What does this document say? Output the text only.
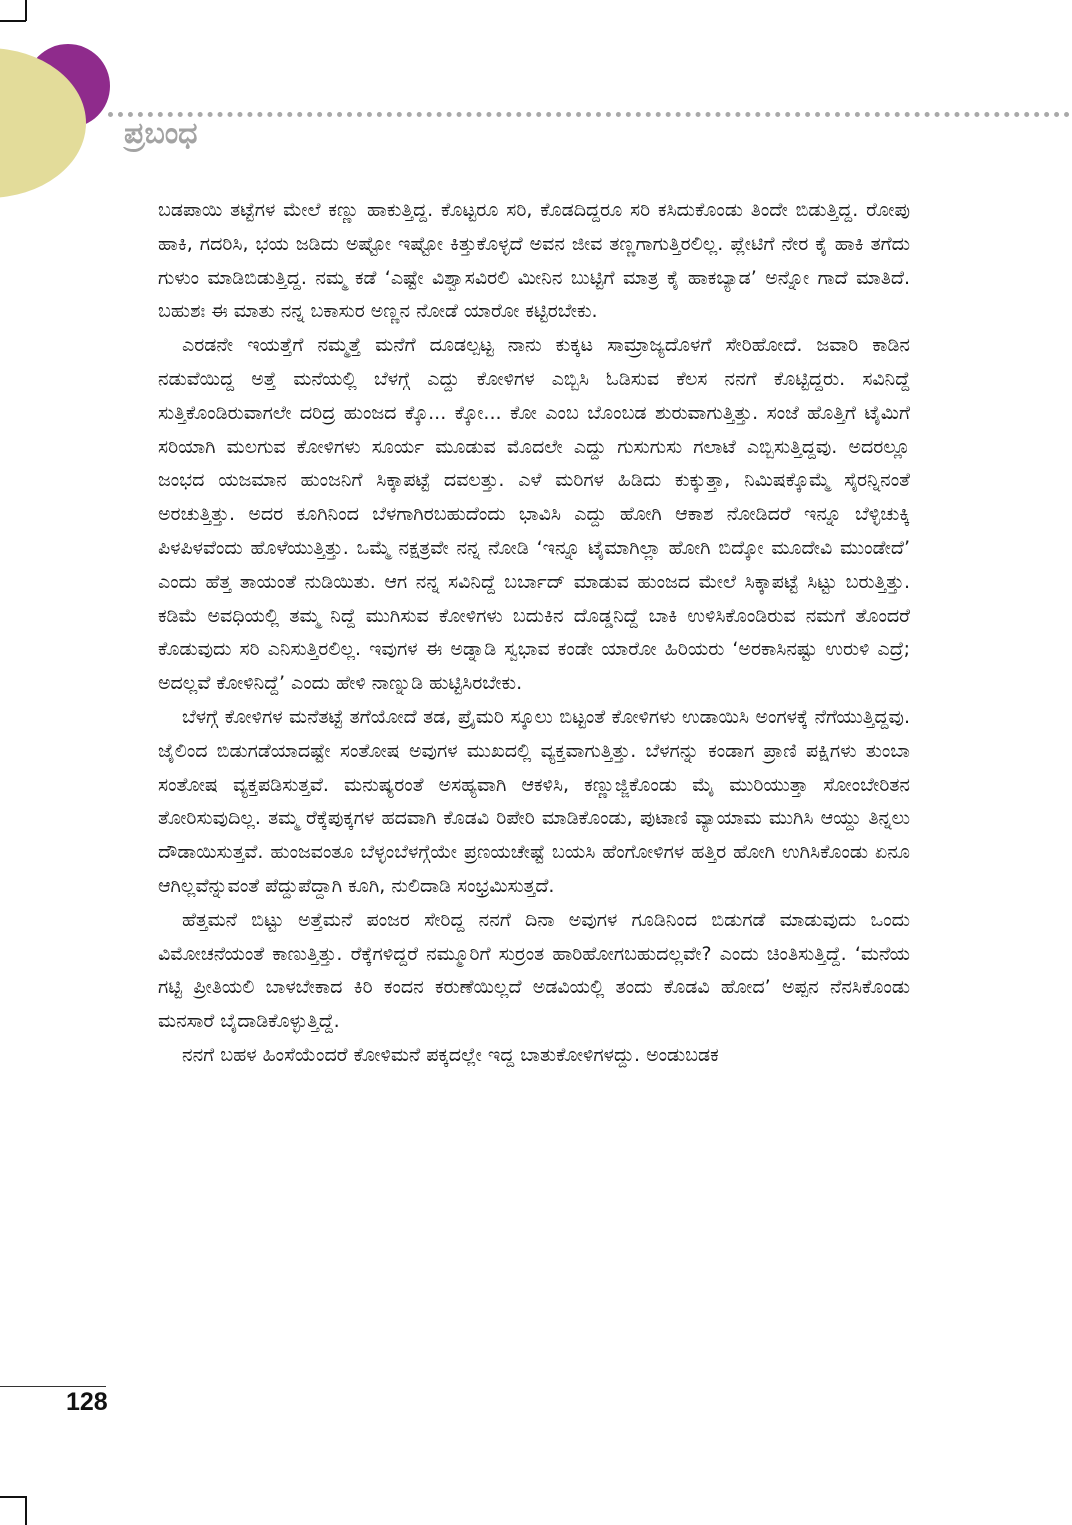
ಪ್ರಬಂಧ

ಬಡಪಾಯಿ ತಟ್ಟೆಗಳ ಮೇಲೆ ಕಣ್ಣು ಹಾಕುತ್ತಿದ್ದ. ಕೊಟ್ಟರೂ ಸರಿ, ಕೊಡದಿದ್ದರೂ ಸರಿ ಕಸಿದುಕೊಂಡು ತಿಂದೇ ಬಿಡುತ್ತಿದ್ದ. ರೋಪು ಹಾಕಿ, ಗದರಿಸಿ, ಭಯ ಜಡಿದು ಅಷ್ಟೋ ಇಷ್ಟೋ ಕಿತ್ತುಕೊಳ್ಳದೆ ಅವನ ಜೀವ ತಣ್ಣಗಾಗುತ್ತಿರಲಿಲ್ಲ. ಪ್ಲೇಟಿಗೆ ನೇರ ಕೈ ಹಾಕಿ ತಗೆದು ಗುಳುಂ ಮಾಡಿಬಿಡುತ್ತಿದ್ದ. ನಮ್ಮ ಕಡೆ ‘ಎಷ್ಟೇ ವಿಶ್ವಾಸವಿರಲಿ ಮೀನಿನ ಬುಟ್ಟಿಗೆ ಮಾತ್ರ ಕೈ ಹಾಕಬ್ಯಾಡ’ ಅನ್ನೋ ಗಾದೆ ಮಾತಿದೆ. ಬಹುಶಃ ಈ ಮಾತು ನನ್ನ ಬಕಾಸುರ ಅಣ್ಣನ ನೋಡೆ ಯಾರೋ ಕಟ್ಟಿರಬೇಕು.

ಎರಡನೇ ಇಯತ್ತೆಗೆ ನಮ್ಮತ್ತೆ ಮನೆಗೆ ದೂಡಲ್ಪಟ್ಟ ನಾನು ಕುಕ್ಕಟ ಸಾಮ್ರಾಜ್ಯದೊಳಗೆ ಸೇರಿಹೋದೆ. ಜವಾರಿ ಕಾಡಿನ ನಡುವೆಯಿದ್ದ ಅತ್ತೆ ಮನೆಯಲ್ಲಿ ಬೆಳಗ್ಗೆ ಎದ್ದು ಕೋಳಿಗಳ ಎಬ್ಬಿಸಿ ಓಡಿಸುವ ಕೆಲಸ ನನಗೆ ಕೊಟ್ಟಿದ್ದರು. ಸವಿನಿದ್ದೆ ಸುತ್ತಿಕೊಂಡಿರುವಾಗಲೇ ದರಿದ್ರ ಹುಂಜದ ಕ್ಕೊ... ಕ್ಕೋ... ಕೋ ಎಂಬ ಬೊಂಬಡ ಶುರುವಾಗುತ್ತಿತ್ತು. ಸಂಜೆ ಹೊತ್ತಿಗೆ ಟೈಮಿಗೆ ಸರಿಯಾಗಿ ಮಲಗುವ ಕೋಳಿಗಳು ಸೂರ್ಯ ಮೂಡುವ ಮೊದಲೇ ಎದ್ದು ಗುಸುಗುಸು ಗಲಾಟೆ ಎಬ್ಬಿಸುತ್ತಿದ್ದವು. ಅದರಲ್ಲೂ ಜಂಭದ ಯಜಮಾನ ಹುಂಜನಿಗೆ ಸಿಕ್ಕಾಪಟ್ಟೆ ದವಲತ್ತು. ಎಳೆ ಮರಿಗಳ ಹಿಡಿದು ಕುಕ್ಕುತ್ತಾ, ನಿಮಿಷಕ್ಕೊಮ್ಮೆ ಸೈರನ್ನಿನಂತೆ ಅರಚುತ್ತಿತ್ತು. ಅದರ ಕೂಗಿನಿಂದ ಬೆಳಗಾಗಿರಬಹುದೆಂದು ಭಾವಿಸಿ ಎದ್ದು ಹೋಗಿ ಆಕಾಶ ನೋಡಿದರೆ ಇನ್ನೂ ಬೆಳ್ಳಿಚುಕ್ಕಿ ಪಿಳಪಿಳವೆಂದು ಹೊಳೆಯುತ್ತಿತ್ತು. ಒಮ್ಮೆ ನಕ್ಷತ್ರವೇ ನನ್ನ ನೋಡಿ ‘ಇನ್ನೂ ಟೈಮಾಗಿಲ್ಲಾ ಹೋಗಿ ಬಿದ್ಕೋ ಮೂದೇವಿ ಮುಂಡೇದೆ’ ಎಂದು ಹೆತ್ತ ತಾಯಂತೆ ನುಡಿಯಿತು. ಆಗ ನನ್ನ ಸವಿನಿದ್ದೆ ಬರ್ಬಾದ್ ಮಾಡುವ ಹುಂಜದ ಮೇಲೆ ಸಿಕ್ಕಾಪಟ್ಟೆ ಸಿಟ್ಟು ಬರುತ್ತಿತ್ತು. ಕಡಿಮೆ ಅವಧಿಯಲ್ಲಿ ತಮ್ಮ ನಿದ್ದೆ ಮುಗಿಸುವ ಕೋಳಿಗಳು ಬದುಕಿನ ದೊಡ್ಡನಿದ್ದೆ ಬಾಕಿ ಉಳಿಸಿಕೊಂಡಿರುವ ನಮಗೆ ತೊಂದರೆ ಕೊಡುವುದು ಸರಿ ಎನಿಸುತ್ತಿರಲಿಲ್ಲ. ಇವುಗಳ ಈ ಅಡ್ನಾಡಿ ಸ್ವಭಾವ ಕಂಡೇ ಯಾರೋ ಹಿರಿಯರು ‘ಅರಕಾಸಿನಷ್ಟು ಉರುಳಿ ಎದ್ರೆ; ಅದಲ್ಲವೆ ಕೋಳಿನಿದ್ದೆ’ ಎಂದು ಹೇಳಿ ನಾಣ್ನುಡಿ ಹುಟ್ಟಿಸಿರಬೇಕು.

ಬೆಳಗ್ಗೆ ಕೋಳಿಗಳ ಮನೆತಟ್ಟೆ ತಗೆಯೋದೆ ತಡ, ಪ್ರೈಮರಿ ಸ್ಕೂಲು ಬಿಟ್ಟಂತೆ ಕೋಳಿಗಳು ಉಡಾಯಿಸಿ ಅಂಗಳಕ್ಕೆ ನೆಗೆಯುತ್ತಿದ್ದವು. ಜೈಲಿಂದ ಬಿಡುಗಡೆಯಾದಷ್ಟೇ ಸಂತೋಷ ಅವುಗಳ ಮುಖದಲ್ಲಿ ವ್ಯಕ್ತವಾಗುತ್ತಿತ್ತು. ಬೆಳಗನ್ನು ಕಂಡಾಗ ಪ್ರಾಣಿ ಪಕ್ಷಿಗಳು ತುಂಬಾ ಸಂತೋಷ ವ್ಯಕ್ತಪಡಿಸುತ್ತವೆ. ಮನುಷ್ಯರಂತೆ ಅಸಹ್ಯವಾಗಿ ಆಕಳಿಸಿ, ಕಣ್ಣುಜ್ಜಿಕೊಂಡು ಮೈ ಮುರಿಯುತ್ತಾ ಸೋಂಬೇರಿತನ ತೋರಿಸುವುದಿಲ್ಲ. ತಮ್ಮ ರೆಕ್ಕೆಪುಕ್ಕಗಳ ಹದವಾಗಿ ಕೊಡವಿ ರಿಪೇರಿ ಮಾಡಿಕೊಂಡು, ಪುಟಾಣಿ ವ್ಯಾಯಾಮ ಮುಗಿಸಿ ಆಯ್ದು ತಿನ್ನಲು ದೌಡಾಯಿಸುತ್ತವೆ. ಹುಂಜವಂತೂ ಬೆಳ್ಳಂಬೆಳಗ್ಗೆಯೇ ಪ್ರಣಯಚೇಷ್ಟೆ ಬಯಸಿ ಹೆಂಗೋಳಿಗಳ ಹತ್ತಿರ ಹೋಗಿ ಉಗಿಸಿಕೊಂಡು ಏನೂ ಆಗಿಲ್ಲವೆನ್ನುವಂತೆ ಪೆದ್ದುಪೆದ್ದಾಗಿ ಕೂಗಿ, ನುಲಿದಾಡಿ ಸಂಭ್ರಮಿಸುತ್ತದೆ.

ಹೆತ್ತಮನೆ ಬಿಟ್ಟು ಅತ್ತೆಮನೆ ಪಂಜರ ಸೇರಿದ್ದ ನನಗೆ ದಿನಾ ಅವುಗಳ ಗೂಡಿನಿಂದ ಬಿಡುಗಡೆ ಮಾಡುವುದು ಒಂದು ವಿಮೋಚನೆಯಂತೆ ಕಾಣುತ್ತಿತ್ತು. ರೆಕ್ಕೆಗಳಿದ್ದರೆ ನಮ್ಮೂರಿಗೆ ಸುರ್ರಂತ ಹಾರಿಹೋಗಬಹುದಲ್ಲವೇ? ಎಂದು ಚಿಂತಿಸುತ್ತಿದ್ದೆ. ‘ಮನೆಯ ಗಟ್ಟಿ ಪ್ರೀತಿಯಲಿ ಬಾಳಬೇಕಾದ ಕಿರಿ ಕಂದನ ಕರುಣೆಯಿಲ್ಲದೆ ಅಡವಿಯಲ್ಲಿ ತಂದು ಕೊಡವಿ ಹೋದ’ ಅಪ್ಪನ ನೆನಸಿಕೊಂಡು ಮನಸಾರೆ ಬೈದಾಡಿಕೊಳ್ಳುತ್ತಿದ್ದೆ.

ನನಗೆ ಬಹಳ ಹಿಂಸೆಯೆಂದರೆ ಕೋಳಿಮನೆ ಪಕ್ಕದಲ್ಲೇ ಇದ್ದ ಬಾತುಕೋಳಿಗಳದ್ದು. ಅಂಡುಬಡಕ

128
